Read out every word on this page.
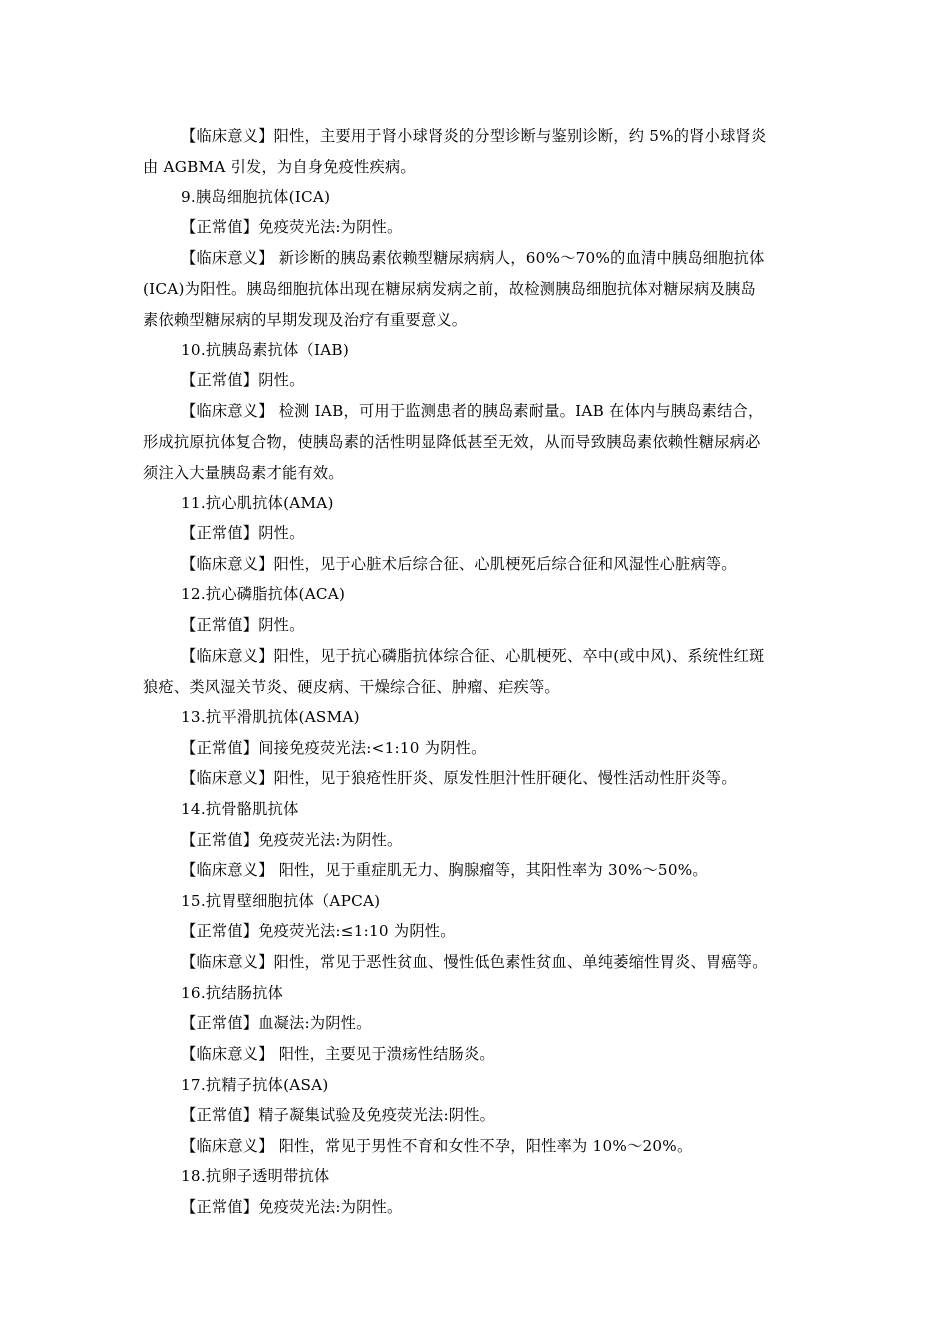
【临床意义】阳性，主要用于肾小球肾炎的分型诊断与鉴别诊断，约 5%的肾小球肾炎
由 AGBMA 引发，为自身免疫性疾病。
9.胰岛细胞抗体(ICA)
【正常值】免疫荧光法:为阴性。
【临床意义】 新诊断的胰岛素依赖型糖尿病病人，60%～70%的血清中胰岛细胞抗体
(ICA)为阳性。胰岛细胞抗体出现在糖尿病发病之前，故检测胰岛细胞抗体对糖尿病及胰岛
素依赖型糖尿病的早期发现及治疗有重要意义。
10.抗胰岛素抗体（IAB)
【正常值】阴性。
【临床意义】 检测 IAB，可用于监测患者的胰岛素耐量。IAB 在体内与胰岛素结合，
形成抗原抗体复合物，使胰岛素的活性明显降低甚至无效，从而导致胰岛素依赖性糖尿病必
须注入大量胰岛素才能有效。
11.抗心肌抗体(AMA)
【正常值】阴性。
【临床意义】阳性，见于心脏术后综合征、心肌梗死后综合征和风湿性心脏病等。
12.抗心磷脂抗体(ACA)
【正常值】阴性。
【临床意义】阳性，见于抗心磷脂抗体综合征、心肌梗死、卒中(或中风)、系统性红斑
狼疮、类风湿关节炎、硬皮病、干燥综合征、肿瘤、疟疾等。
13.抗平滑肌抗体(ASMA)
【正常值】间接免疫荧光法:<1:10 为阴性。
【临床意义】阳性，见于狼疮性肝炎、原发性胆汁性肝硬化、慢性活动性肝炎等。
14.抗骨骼肌抗体
【正常值】免疫荧光法:为阴性。
【临床意义】 阳性，见于重症肌无力、胸腺瘤等，其阳性率为 30%～50%。
15.抗胃壁细胞抗体（APCA)
【正常值】免疫荧光法:≤1:10 为阴性。
【临床意义】阳性，常见于恶性贫血、慢性低色素性贫血、单纯萎缩性胃炎、胃癌等。
16.抗结肠抗体
【正常值】血凝法:为阴性。
【临床意义】 阳性，主要见于溃疡性结肠炎。
17.抗精子抗体(ASA)
【正常值】精子凝集试验及免疫荧光法:阴性。
【临床意义】 阳性，常见于男性不育和女性不孕，阳性率为 10%～20%。
18.抗卵子透明带抗体
【正常值】免疫荧光法:为阴性。
